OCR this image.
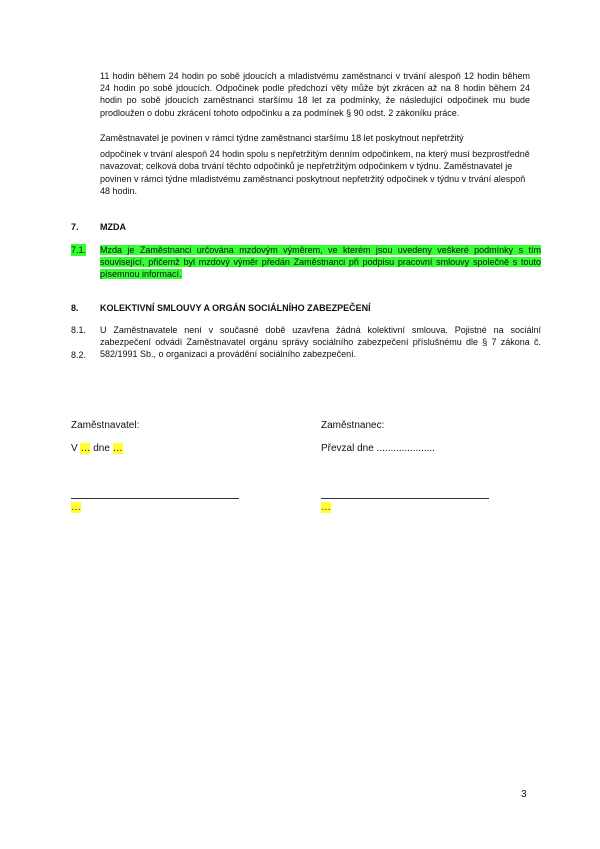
11 hodin během 24 hodin po sobě jdoucích a mladistvému zaměstnanci v trvání alespoň 12 hodin během 24 hodin po sobě jdoucích. Odpočinek podle předchozí věty může být zkrácen až na 8 hodin během 24 hodin po sobě jdoucích zaměstnanci staršímu 18 let za podmínky, že následující odpočinek mu bude prodloužen o dobu zkrácení tohoto odpočinku a za podmínek § 90 odst. 2 zákoníku práce.

Zaměstnavatel je povinen v rámci týdne zaměstnanci staršímu 18 let poskytnout nepřetržitý

odpočinek v trvání alespoň 24 hodin spolu s nepřetržitým denním odpočinkem, na který musí bezprostředně navazovat; celková doba trvání těchto odpočinků je nepřetržitým odpočinkem v týdnu. Zaměstnavatel je povinen v rámci týdne mladistvému zaměstnanci poskytnout nepřetržitý odpočinek v týdnu v trvání alespoň 48 hodin.

7. MZDA
7.1. Mzda je Zaměstnanci určována mzdovým výměrem, ve kterém jsou uvedeny veškeré podmínky s tím související, přičemž byl mzdový výměr předán Zaměstnanci při podpisu pracovní smlouvy společně s touto písemnou informací.

8. KOLEKTIVNÍ SMLOUVY A ORGÁN SOCIÁLNÍHO ZABEZPEČENÍ
8.1.
8.2.

U Zaměstnavatele není v současné době uzavřena žádná kolektivní smlouva. Pojistné na sociální zabezpečení odvádí Zaměstnavatel orgánu správy sociálního zabezpečení příslušnému dle § 7 zákona č. 582/1991 Sb., o organizaci a provádění sociálního zabezpečení.

Zaměstnavatel:	Zaměstnanec:
V … dne …	Převzal dne .....................
…	…
3
